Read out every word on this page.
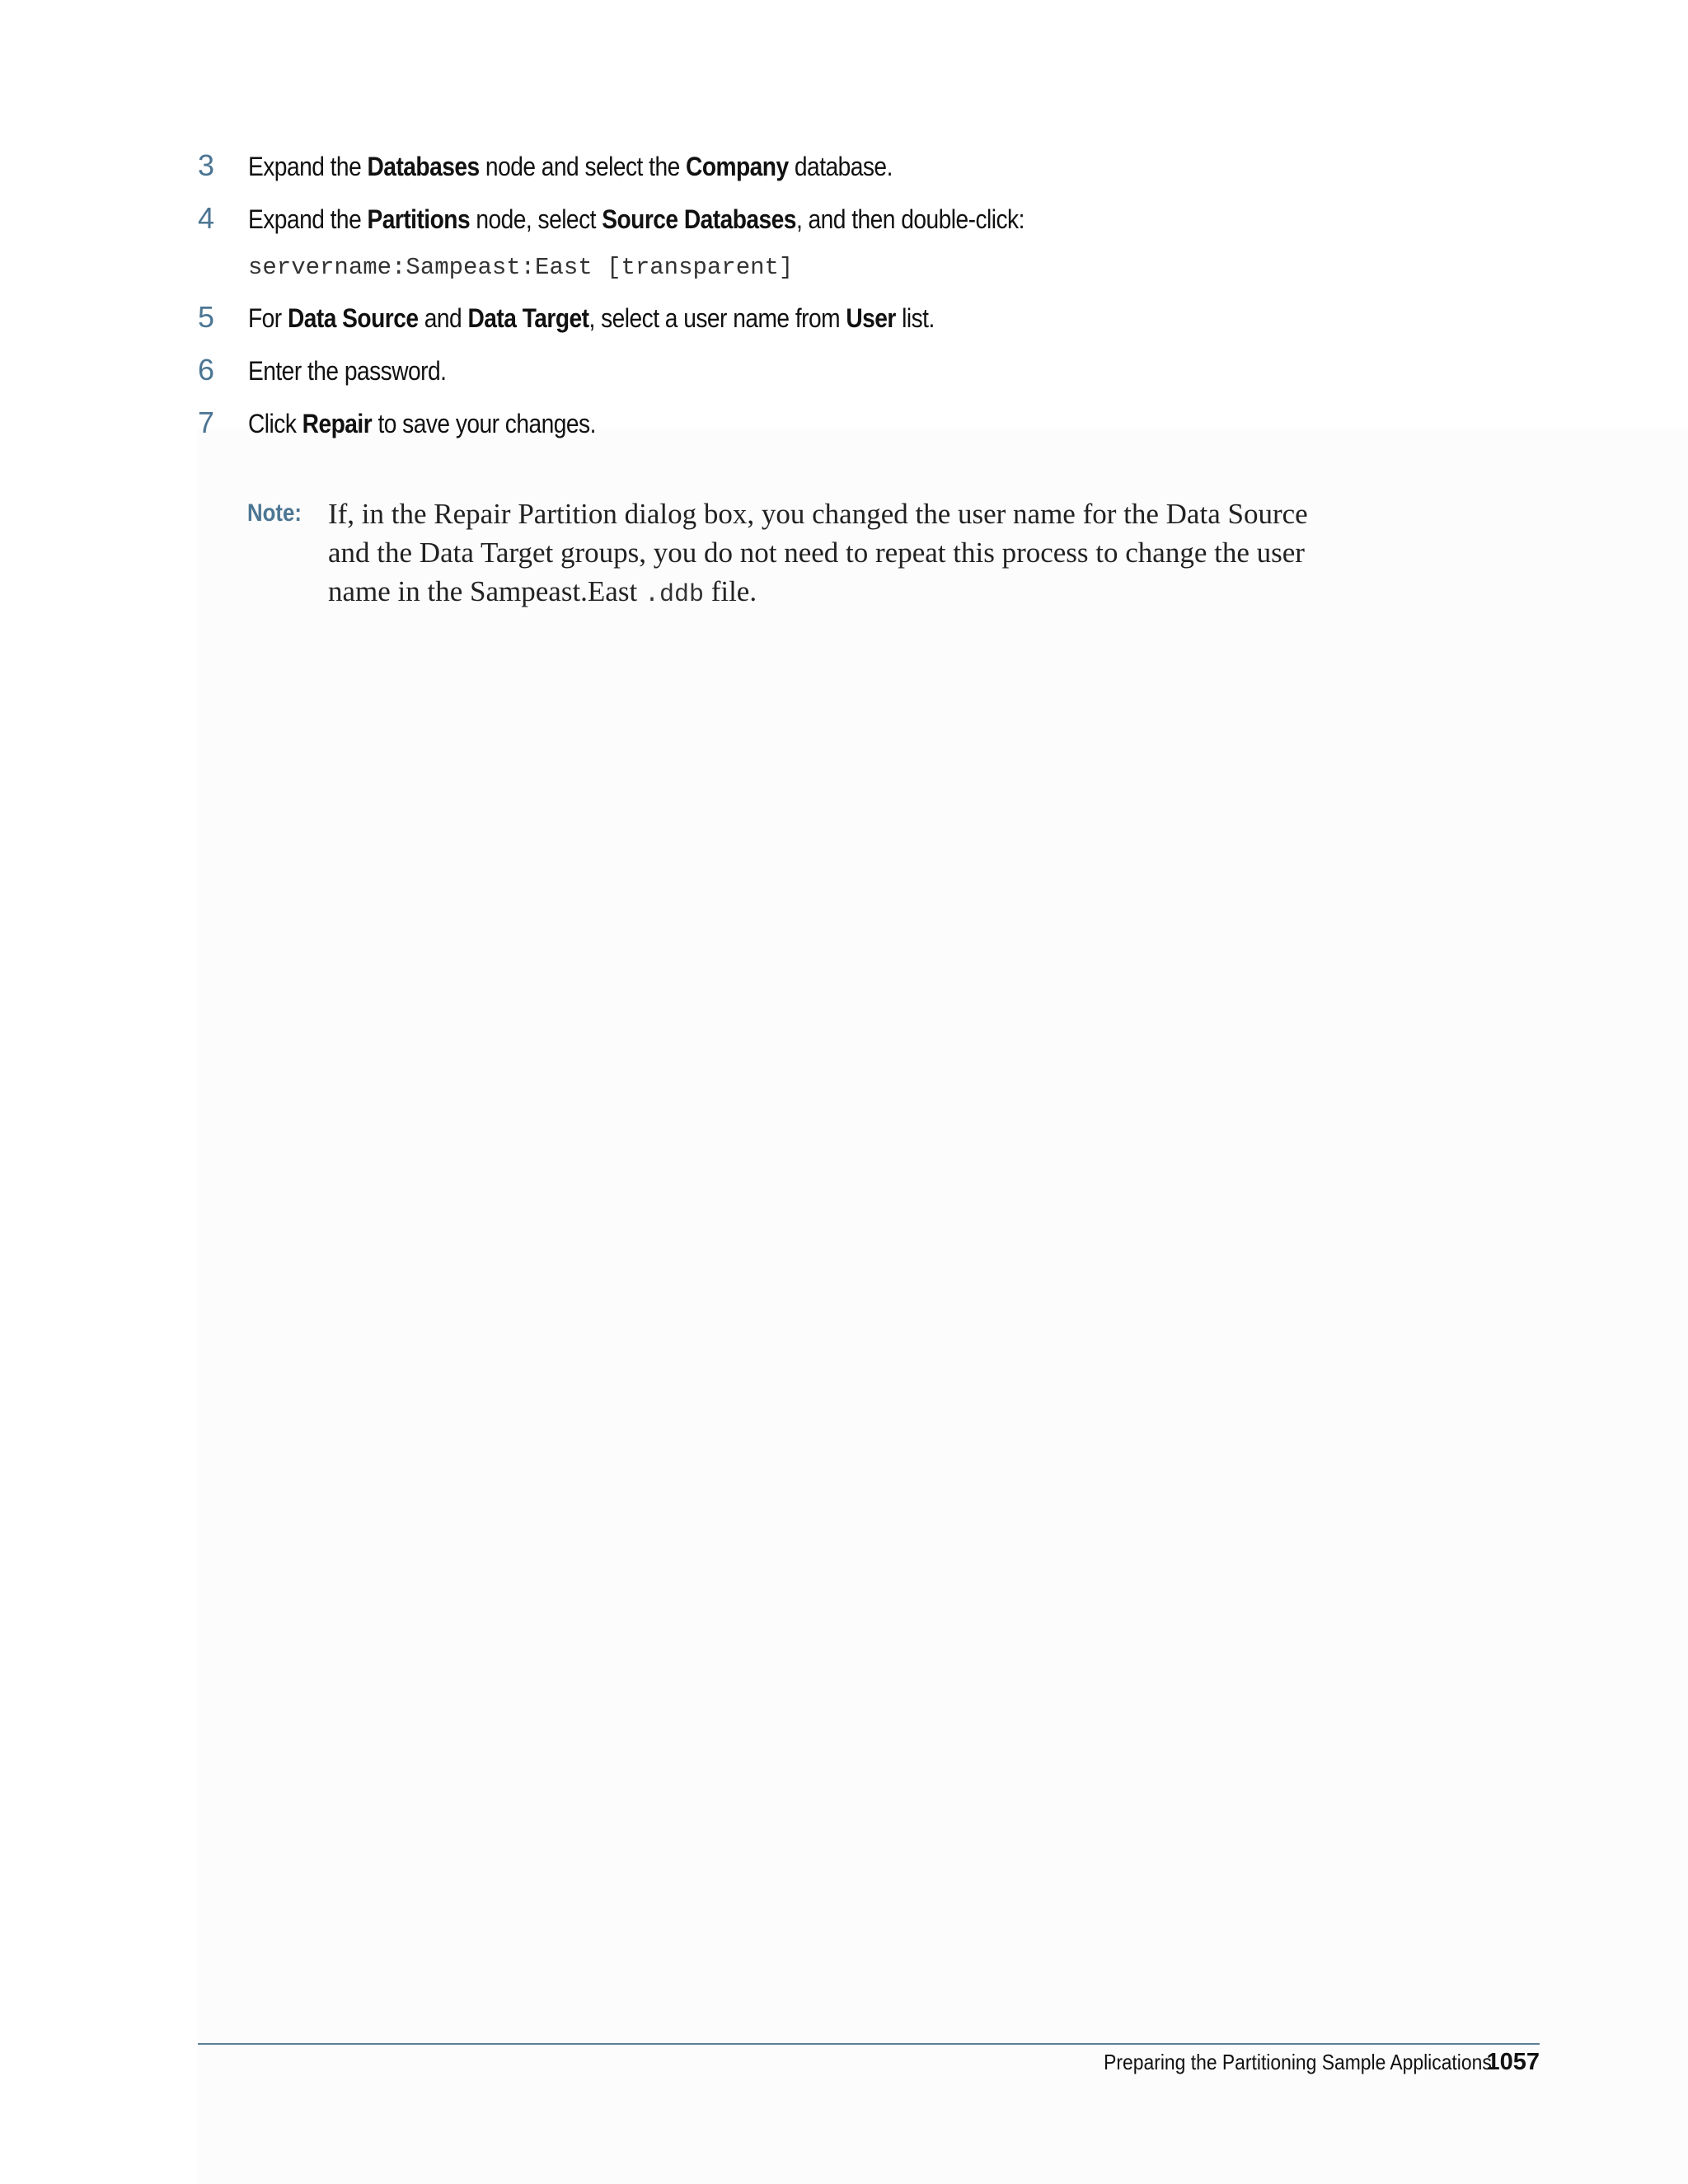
3	Expand the Databases node and select the Company database.
4	Expand the Partitions node, select Source Databases, and then double-click:
servername:Sampeast:East [transparent]
5	For Data Source and Data Target, select a user name from User list.
6	Enter the password.
7	Click Repair to save your changes.
Note: If, in the Repair Partition dialog box, you changed the user name for the Data Source
and the Data Target groups, you do not need to repeat this process to change the user
name in the Sampeast.East .ddb file.
Preparing the Partitioning Sample Applications1057
